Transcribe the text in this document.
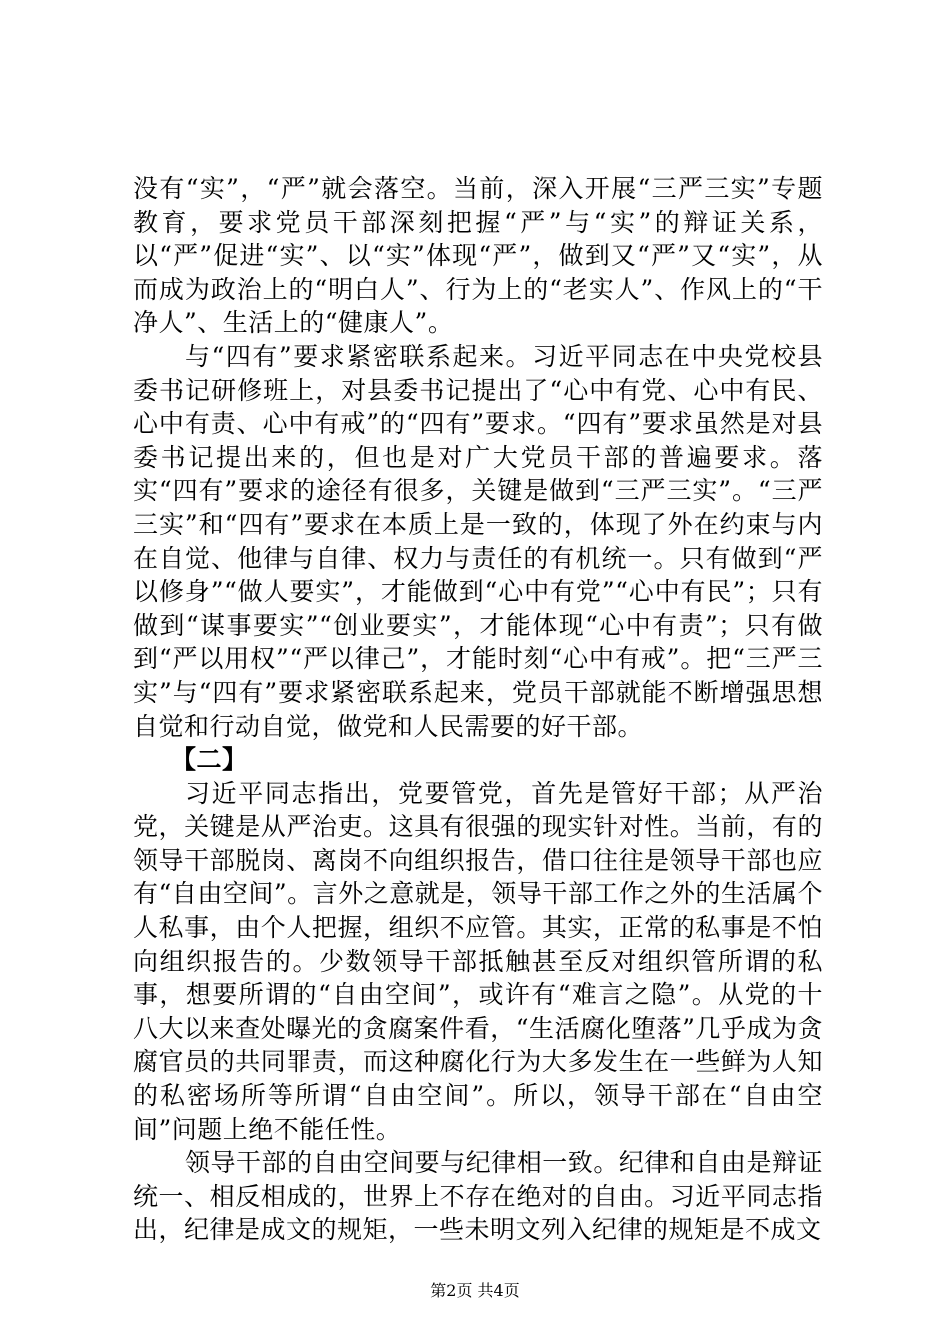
没有“实”，“严”就会落空。当前，深入开展“三严三实”专题教育，要求党员干部深刻把握“严”与“实”的辩证关系，以“严”促进“实”、以“实”体现“严”，做到又“严”又“实”，从而成为政治上的“明白人”、行为上的“老实人”、作风上的“干净人”、生活上的“健康人”。

与“四有”要求紧密联系起来。习近平同志在中央党校县委书记研修班上，对县委书记提出了“心中有党、心中有民、心中有责、心中有戒”的“四有”要求。“四有”要求虽然是对县委书记提出来的，但也是对广大党员干部的普遍要求。落实“四有”要求的途径有很多，关键是做到“三严三实”。“三严三实”和“四有”要求在本质上是一致的，体现了外在约束与内在自觉、他律与自律、权力与责任的有机统一。只有做到“严以修身”“做人要实”，才能做到“心中有党”“心中有民”；只有做到“谋事要实”“创业要实”，才能体现“心中有责”；只有做到“严以用权”“严以律己”，才能时刻“心中有戒”。把“三严三实”与“四有”要求紧密联系起来，党员干部就能不断增强思想自觉和行动自觉，做党和人民需要的好干部。

【二】

习近平同志指出，党要管党，首先是管好干部；从严治党，关键是从严治吏。这具有很强的现实针对性。当前，有的领导干部脱岗、离岗不向组织报告，借口往往是领导干部也应有“自由空间”。言外之意就是，领导干部工作之外的生活属个人私事，由个人把握，组织不应管。其实，正常的私事是不怕向组织报告的。少数领导干部抵触甚至反对组织管所谓的私事，想要所谓的“自由空间”，或许有“难言之隐”。从党的十八大以来查处曝光的贪腐案件看，“生活腐化堕落”几乎成为贪腐官员的共同罪责，而这种腐化行为大多发生在一些鲜为人知的私密场所等所谓“自由空间”。所以，领导干部在“自由空间”问题上绝不能任性。

领导干部的自由空间要与纪律相一致。纪律和自由是辩证统一、相反相成的，世界上不存在绝对的自由。习近平同志指出，纪律是成文的规矩，一些未明文列入纪律的规矩是不成文

第2页 共4页
